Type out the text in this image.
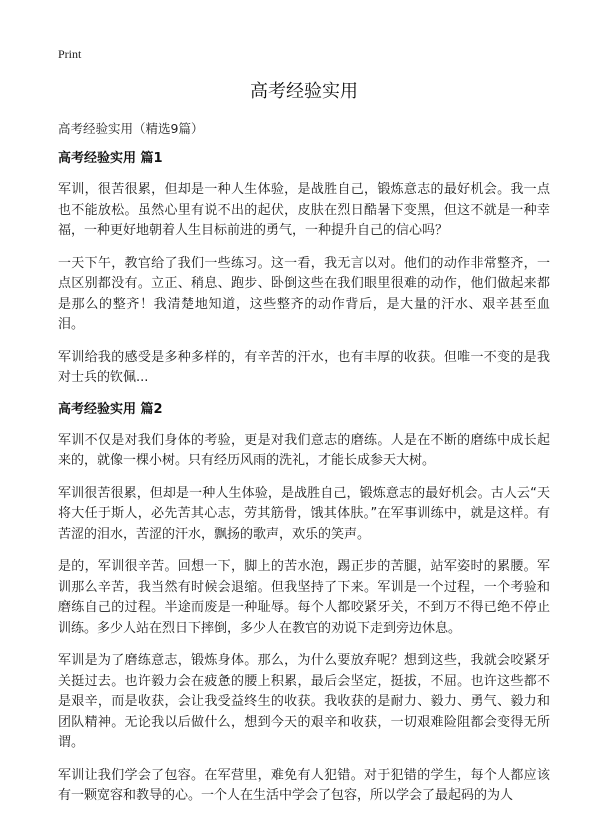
Print
高考经验实用
高考经验实用（精选9篇）
高考经验实用 篇1

军训，很苦很累，但却是一种人生体验，是战胜自己，锻炼意志的最好机会。我一点也不能放松。虽然心里有说不出的起伏，皮肤在烈日酷暑下变黑，但这不就是一种幸福，一种更好地朝着人生目标前进的勇气，一种提升自己的信心吗？

一天下午，教官给了我们一些练习。这一看，我无言以对。他们的动作非常整齐，一点区别都没有。立正、稍息、跑步、卧倒这些在我们眼里很难的动作，他们做起来都是那么的整齐！我清楚地知道，这些整齐的动作背后，是大量的汗水、艰辛甚至血泪。

军训给我的感受是多种多样的，有辛苦的汗水，也有丰厚的收获。但唯一不变的是我对士兵的钦佩...

高考经验实用 篇2

军训不仅是对我们身体的考验，更是对我们意志的磨练。人是在不断的磨练中成长起来的，就像一棵小树。只有经历风雨的洗礼，才能长成参天大树。

军训很苦很累，但却是一种人生体验，是战胜自己，锻炼意志的最好机会。古人云“天将大任于斯人，必先苦其心志，劳其筋骨，饿其体肤。”在军事训练中，就是这样。有苦涩的泪水，苦涩的汗水，飘扬的歌声，欢乐的笑声。

是的，军训很辛苦。回想一下，脚上的苦水泡，踢正步的苦腿，站军姿时的累腰。军训那么辛苦，我当然有时候会退缩。但我坚持了下来。军训是一个过程，一个考验和磨练自己的过程。半途而废是一种耻辱。每个人都咬紧牙关，不到万不得已绝不停止训练。多少人站在烈日下摔倒，多少人在教官的劝说下走到旁边休息。

军训是为了磨练意志，锻炼身体。那么，为什么要放弃呢？想到这些，我就会咬紧牙关挺过去。也许毅力会在疲惫的腰上积累，最后会坚定，挺拔，不屈。也许这些都不是艰辛，而是收获，会让我受益终生的收获。我收获的是耐力、毅力、勇气、毅力和团队精神。无论我以后做什么，想到今天的艰辛和收获，一切艰难险阻都会变得无所谓。

军训让我们学会了包容。在军营里，难免有人犯错。对于犯错的学生，每个人都应该有一颗宽容和教导的心。一个人在生活中学会了包容，所以学会了最起码的为人
